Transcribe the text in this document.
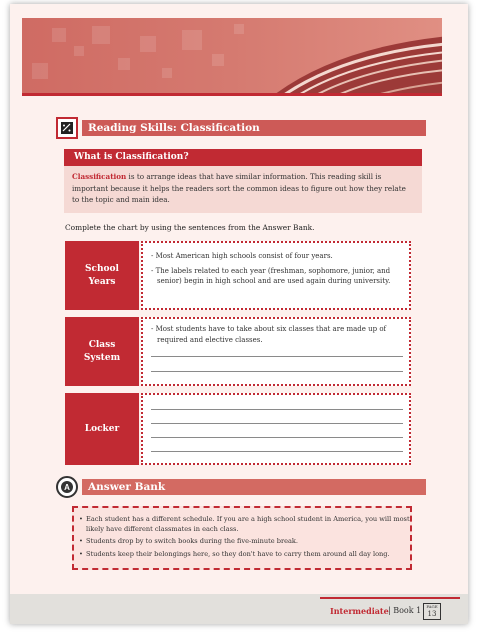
Reading Skills: Classification
What is Classification?
Classification is to arrange ideas that have similar information. This reading skill is important because it helps the readers sort the common ideas to figure out how they relate to the topic and main idea.
Complete the chart by using the sentences from the Answer Bank.
School Years
- Most American high schools consist of four years.
- The labels related to each year (freshman, sophomore, junior, and senior) begin in high school and are used again during university.
Class System
- Most students have to take about six classes that are made up of required and elective classes.
Locker
A	Answer Bank
• Each student has a different schedule. If you are a high school student in America, you will most likely have different classmates in each class.
• Students drop by to switch books during the five-minute break.
• Students keep their belongings here, so they don't have to carry them around all day long.
Intermediate | Book 1	PAGE
13
